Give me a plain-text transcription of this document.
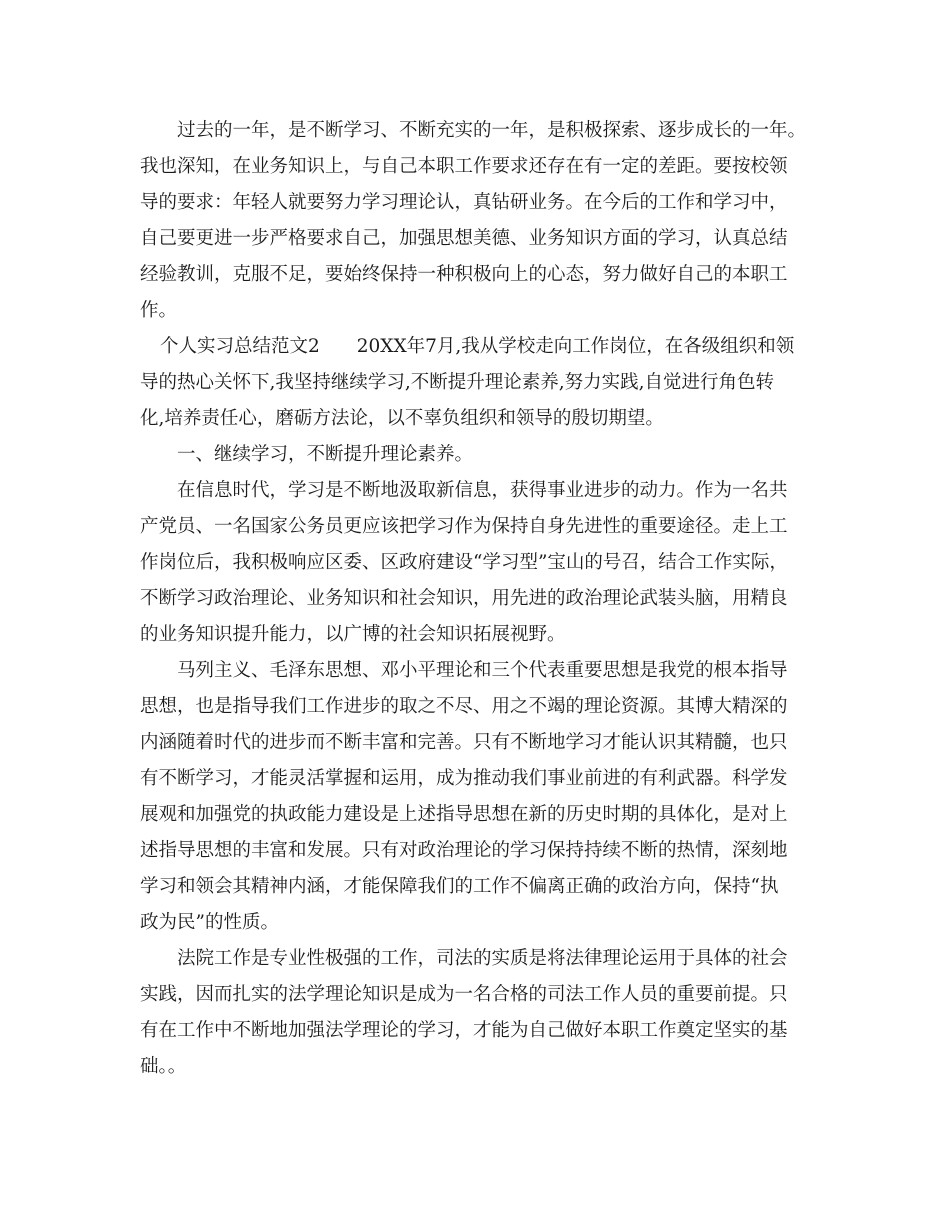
过去的一年，是不断学习、不断充实的一年，是积极探索、逐步成长的一年。
我也深知，在业务知识上，与自己本职工作要求还存在有一定的差距。要按校领
导的要求：年轻人就要努力学习理论认，真钻研业务。在今后的工作和学习中，
自己要更进一步严格要求自己，加强思想美德、业务知识方面的学习，认真总结
经验教训，克服不足，要始终保持一种积极向上的心态，努力做好自己的本职工
作。
个人实习总结范文2　　20XX年7月,我从学校走向工作岗位，在各级组织和领
导的热心关怀下,我坚持继续学习,不断提升理论素养,努力实践,自觉进行角色转
化,培养责任心，磨砺方法论，以不辜负组织和领导的殷切期望。
一、继续学习，不断提升理论素养。
在信息时代，学习是不断地汲取新信息，获得事业进步的动力。作为一名共
产党员、一名国家公务员更应该把学习作为保持自身先进性的重要途径。走上工
作岗位后，我积极响应区委、区政府建设“学习型”宝山的号召，结合工作实际，
不断学习政治理论、业务知识和社会知识，用先进的政治理论武装头脑，用精良
的业务知识提升能力，以广博的社会知识拓展视野。
马列主义、毛泽东思想、邓小平理论和三个代表重要思想是我党的根本指导
思想，也是指导我们工作进步的取之不尽、用之不竭的理论资源。其博大精深的
内涵随着时代的进步而不断丰富和完善。只有不断地学习才能认识其精髓，也只
有不断学习，才能灵活掌握和运用，成为推动我们事业前进的有利武器。科学发
展观和加强党的执政能力建设是上述指导思想在新的历史时期的具体化，是对上
述指导思想的丰富和发展。只有对政治理论的学习保持持续不断的热情，深刻地
学习和领会其精神内涵，才能保障我们的工作不偏离正确的政治方向，保持“执
政为民”的性质。
法院工作是专业性极强的工作，司法的实质是将法律理论运用于具体的社会
实践，因而扎实的法学理论知识是成为一名合格的司法工作人员的重要前提。只
有在工作中不断地加强法学理论的学习，才能为自己做好本职工作奠定坚实的基
础。。
